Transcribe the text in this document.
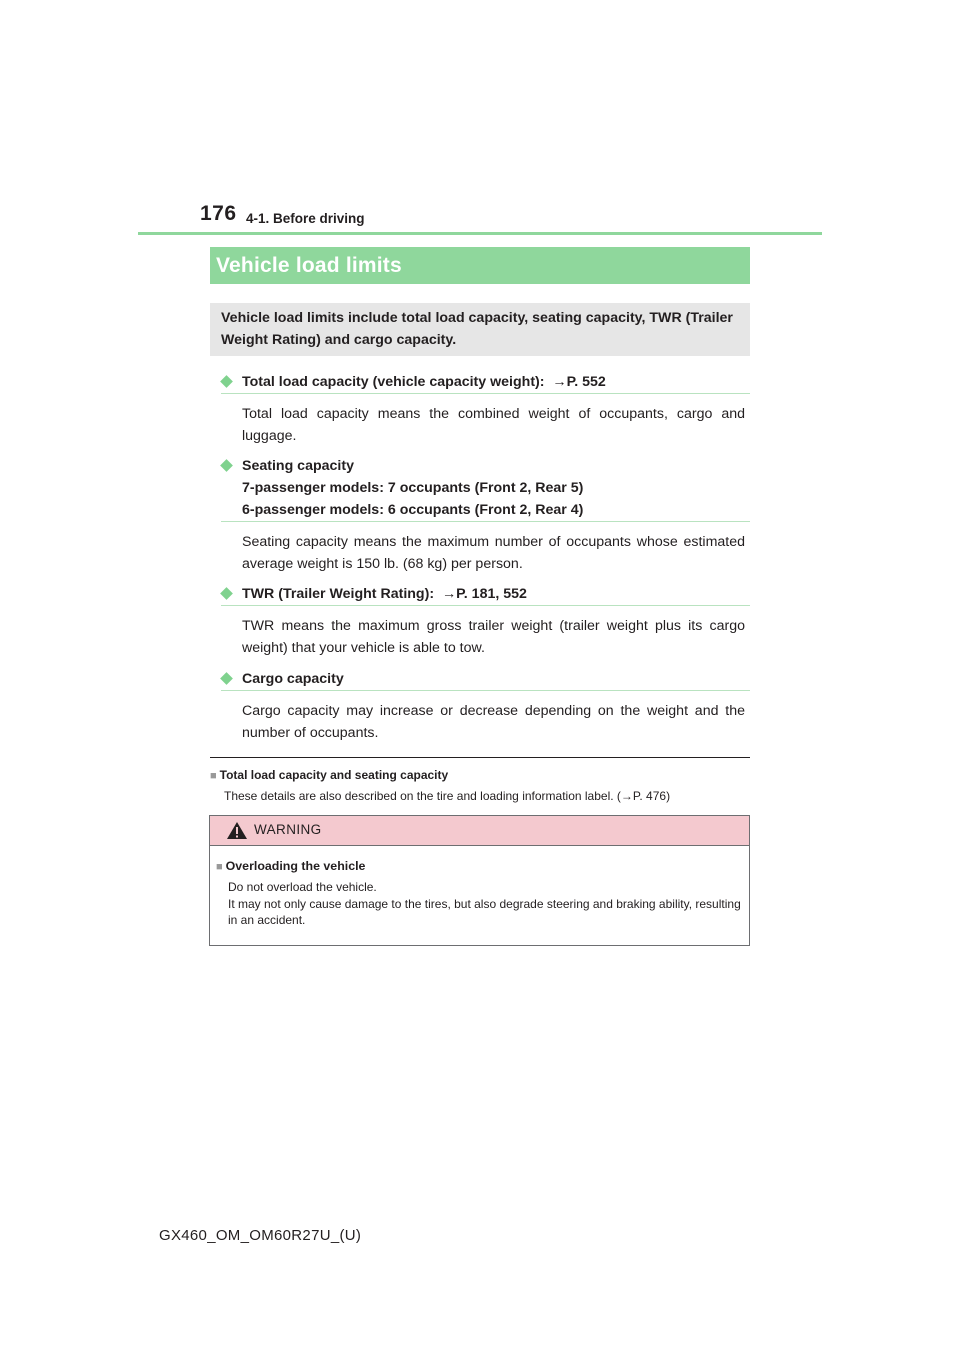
176 4-1. Before driving
Vehicle load limits
Vehicle load limits include total load capacity, seating capacity, TWR (Trailer Weight Rating) and cargo capacity.
Total load capacity (vehicle capacity weight):  →P. 552
Total load capacity means the combined weight of occupants, cargo and luggage.
Seating capacity
7-passenger models: 7 occupants (Front 2, Rear 5)
6-passenger models: 6 occupants (Front 2, Rear 4)
Seating capacity means the maximum number of occupants whose estimated average weight is 150 lb. (68 kg) per person.
TWR (Trailer Weight Rating):  →P. 181, 552
TWR means the maximum gross trailer weight (trailer weight plus its cargo weight) that your vehicle is able to tow.
Cargo capacity
Cargo capacity may increase or decrease depending on the weight and the number of occupants.
■ Total load capacity and seating capacity
These details are also described on the tire and loading information label. (→P. 476)
WARNING
■ Overloading the vehicle
Do not overload the vehicle.
It may not only cause damage to the tires, but also degrade steering and braking ability, resulting in an accident.
GX460_OM_OM60R27U_(U)
